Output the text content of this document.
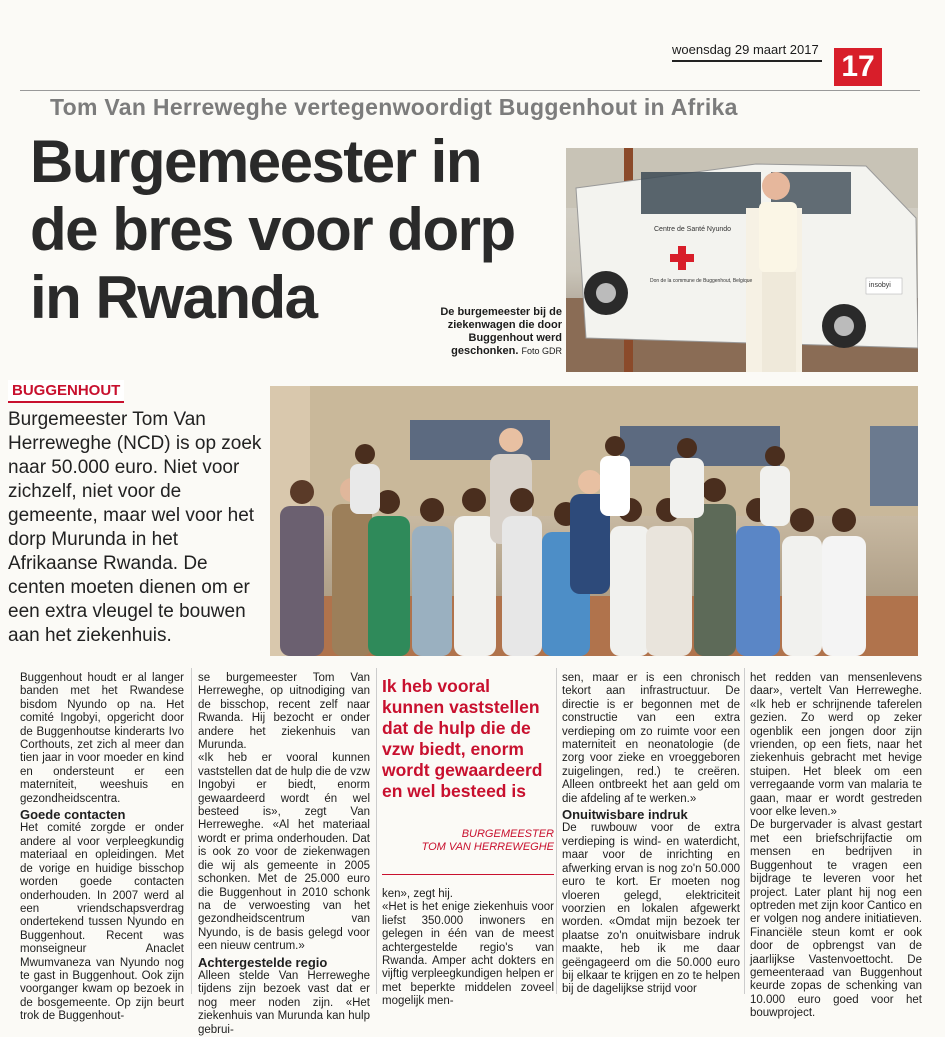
woensdag 29 maart 2017
17
Tom Van Herreweghe vertegenwoordigt Buggenhout in Afrika
Burgemeester in de bres voor dorp in Rwanda
Centre de Santé Nyundo
Don de la commune de Buggenhout, Belgique
insobyi
De burgemeester bij de ziekenwagen die door Buggenhout werd geschonken. Foto GDR
BUGGENHOUT
Burgemeester Tom Van Herreweghe (NCD) is op zoek naar 50.000 euro. Niet voor zichzelf, niet voor de gemeente, maar wel voor het dorp Murunda in het Afrikaanse Rwanda. De centen moeten dienen om er een extra vleugel te bouwen aan het ziekenhuis.

Buggenhout houdt er al langer banden met het Rwandese bisdom Nyundo op na. Het comité Ingobyi, opgericht door de Buggenhoutse kinderarts Ivo Corthouts, zet zich al meer dan tien jaar in voor moeder en kind en ondersteunt er een materniteit, weeshuis en gezondheidscentra.

Goede contacten

Het comité zorgde er onder andere al voor verpleegkundig materiaal en opleidingen. Met de vorige en huidige bisschop worden goede contacten onderhouden. In 2007 werd al een vriendschapsverdrag ondertekend tussen Nyundo en Buggenhout. Recent was monseigneur Anaclet Mwumvaneza van Nyundo nog te gast in Buggenhout. Ook zijn voorganger kwam op bezoek in de bosgemeente. Op zijn beurt trok de Buggenhout-

se burgemeester Tom Van Herreweghe, op uitnodiging van de bisschop, recent zelf naar Rwanda. Hij bezocht er onder andere het ziekenhuis van Murunda.

«Ik heb er vooral kunnen vaststellen dat de hulp die de vzw Ingobyi er biedt, enorm gewaardeerd wordt én wel besteed is», zegt Van Herreweghe. «Al het materiaal wordt er prima onderhouden. Dat is ook zo voor de ziekenwagen die wij als gemeente in 2005 schonken. Met de 25.000 euro die Buggenhout in 2010 schonk na de verwoesting van het gezondheidscentrum van Nyundo, is de basis gelegd voor een nieuw centrum.»

Achtergestelde regio

Alleen stelde Van Herreweghe tijdens zijn bezoek vast dat er nog meer noden zijn. «Het ziekenhuis van Murunda kan hulp gebrui-

Ik heb vooral kunnen vaststellen dat de hulp die de vzw biedt, enorm wordt gewaardeerd en wel besteed is
BURGEMEESTER
TOM VAN HERREWEGHE

ken», zegt hij.

«Het is het enige ziekenhuis voor liefst 350.000 inwoners en gelegen in één van de meest achtergestelde regio's van Rwanda. Amper acht dokters en vijftig verpleegkundigen helpen er met beperkte middelen zoveel mogelijk men-

sen, maar er is een chronisch tekort aan infrastructuur. De directie is er begonnen met de constructie van een extra verdieping om zo ruimte voor een materniteit en neonatologie (de zorg voor zieke en vroeggeboren zuigelingen, red.) te creëren. Alleen ontbreekt het aan geld om die afdeling af te werken.»

Onuitwisbare indruk

De ruwbouw voor de extra verdieping is wind- en waterdicht, maar voor de inrichting en afwerking ervan is nog zo'n 50.000 euro te kort. Er moeten nog vloeren gelegd, elektriciteit voorzien en lokalen afgewerkt worden. «Omdat mijn bezoek ter plaatse zo'n onuitwisbare indruk maakte, heb ik me daar geëngageerd om die 50.000 euro bij elkaar te krijgen en zo te helpen bij de dagelijkse strijd voor

het redden van mensenlevens daar», vertelt Van Herreweghe. «Ik heb er schrijnende taferelen gezien. Zo werd op zeker ogenblik een jongen door zijn vrienden, op een fiets, naar het ziekenhuis gebracht met hevige stuipen. Het bleek om een verregaande vorm van malaria te gaan, maar er wordt gestreden voor elke leven.»

De burgervader is alvast gestart met een briefschrijfactie om mensen en bedrijven in Buggenhout te vragen een bijdrage te leveren voor het project. Later plant hij nog een optreden met zijn koor Cantico en er volgen nog andere initiatieven. Financiële steun komt er ook door de opbrengst van de jaarlijkse Vastenvoettocht. De gemeenteraad van Buggenhout keurde zopas de schenking van 10.000 euro goed voor het bouwproject.
